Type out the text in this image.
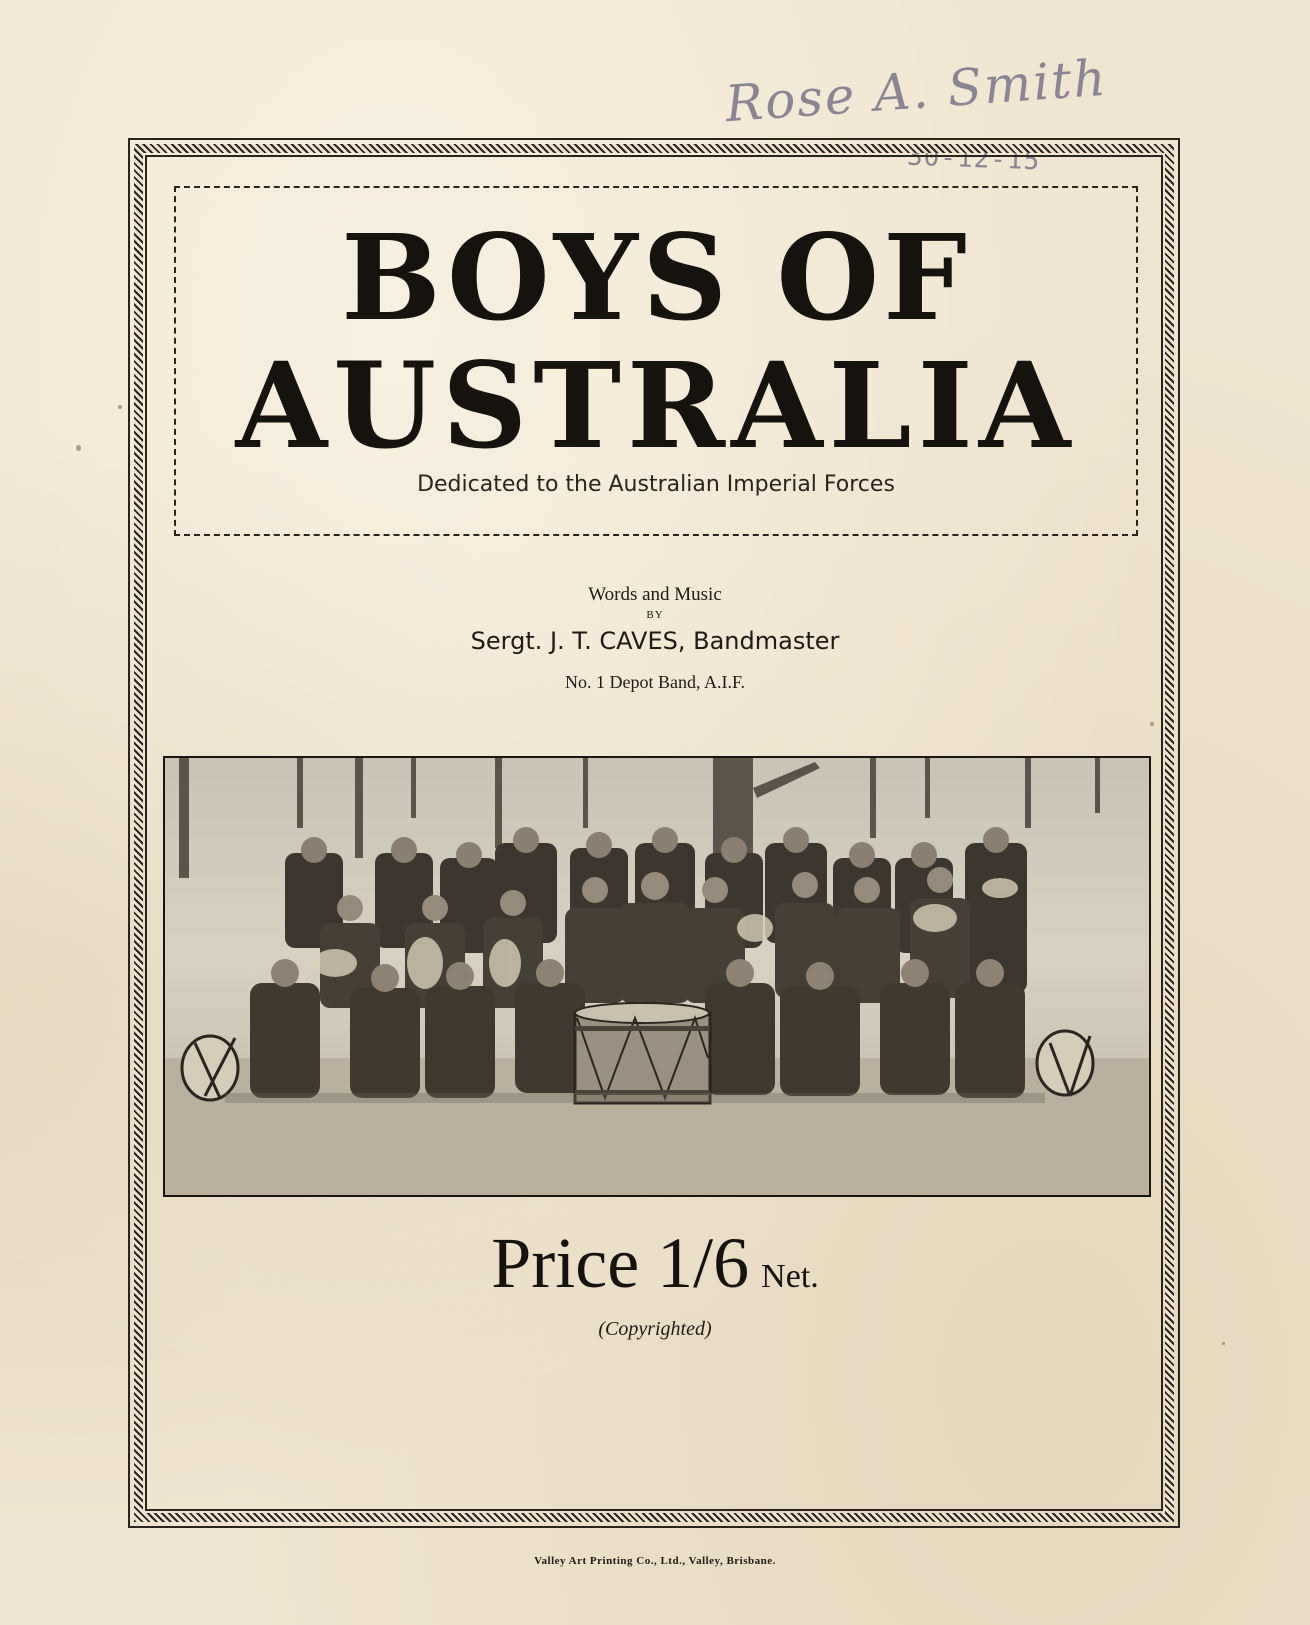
Rose A. Smith
30-12-15
BOYS OF
AUSTRALIA
Dedicated to the Australian Imperial Forces
Words and Music
BY
Sergt. J. T. CAVES, Bandmaster
No. 1 Depot Band, A.I.F.
Price 1/6 Net.
(Copyrighted)
Valley Art Printing Co., Ltd., Valley, Brisbane.
